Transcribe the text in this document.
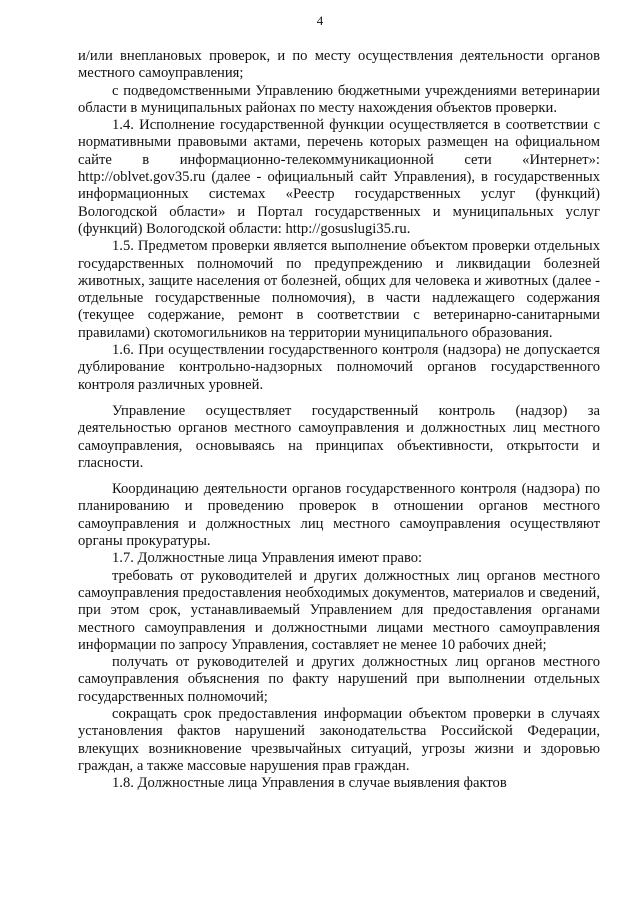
4

и/или внеплановых проверок, и по месту осуществления деятельности органов местного самоуправления;

с подведомственными Управлению бюджетными учреждениями ветеринарии области в муниципальных районах по месту нахождения объектов проверки.

1.4. Исполнение государственной функции осуществляется в соответствии с нормативными правовыми актами, перечень которых размещен на официальном сайте в информационно-телекоммуникационной сети «Интернет»: http://oblvet.gov35.ru (далее - официальный сайт Управления), в государственных информационных системах «Реестр государственных услуг (функций) Вологодской области» и Портал государственных и муниципальных услуг (функций) Вологодской области: http://gosuslugi35.ru.

1.5. Предметом проверки является выполнение объектом проверки отдельных государственных полномочий по предупреждению и ликвидации болезней животных, защите населения от болезней, общих для человека и животных (далее - отдельные государственные полномочия), в части надлежащего содержания (текущее содержание, ремонт в соответствии с ветеринарно-санитарными правилами) скотомогильников на территории муниципального образования.

1.6. При осуществлении государственного контроля (надзора) не допускается дублирование контрольно-надзорных полномочий органов государственного контроля различных уровней.

Управление осуществляет государственный контроль (надзор) за деятельностью органов местного самоуправления и должностных лиц местного самоуправления, основываясь на принципах объективности, открытости и гласности.

Координацию деятельности органов государственного контроля (надзора) по планированию и проведению проверок в отношении органов местного самоуправления и должностных лиц местного самоуправления осуществляют органы прокуратуры.

1.7. Должностные лица Управления имеют право:

требовать от руководителей и других должностных лиц органов местного самоуправления предоставления необходимых документов, материалов и сведений, при этом срок, устанавливаемый Управлением для предоставления органами местного самоуправления и должностными лицами местного самоуправления информации по запросу Управления, составляет не менее 10 рабочих дней;

получать от руководителей и других должностных лиц органов местного самоуправления объяснения по факту нарушений при выполнении отдельных государственных полномочий;

сокращать срок предоставления информации объектом проверки в случаях установления фактов нарушений законодательства Российской Федерации, влекущих возникновение чрезвычайных ситуаций, угрозы жизни и здоровью граждан, а также массовые нарушения прав граждан.

1.8. Должностные лица Управления в случае выявления фактов
